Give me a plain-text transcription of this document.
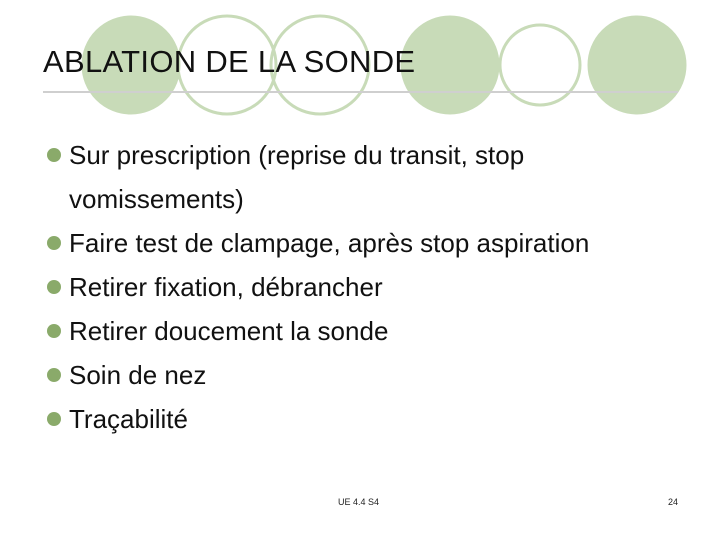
ABLATION DE LA SONDE
Sur prescription (reprise du transit, stop vomissements)
Faire test de clampage, après stop aspiration
Retirer fixation, débrancher
Retirer doucement la sonde
Soin de nez
Traçabilité
UE 4.4 S4	24
